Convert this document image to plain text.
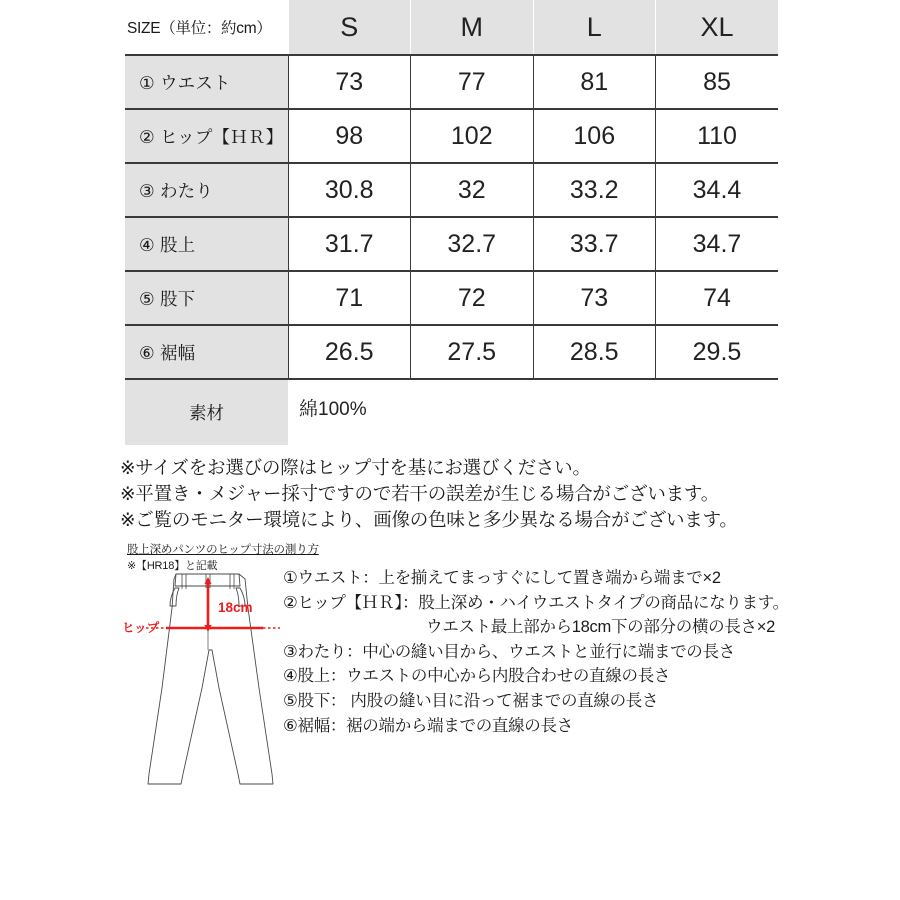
SIZE（単位：約cm）	S	M	L	XL
① ウエスト	73	77	81	85
② ヒップ【ＨＲ】	98	102	106	110
③ わたり	30.8	32	33.2	34.4
④ 股上	31.7	32.7	33.7	34.7
⑤ 股下	71	72	73	74
⑥ 裾幅	26.5	27.5	28.5	29.5
素材	綿100%			
※サイズをお選びの際はヒップ寸を基にお選びください。
※平置き・メジャー採寸ですので若干の誤差が生じる場合がございます。
※ご覧のモニター環境により、画像の色味と多少異なる場合がございます。
股上深めパンツのヒップ寸法の測り方
※【HR18】と記載
18cm
ヒップ
①ウエスト：上を揃えてまっすぐにして置き端から端まで×2
②ヒップ【ＨＲ】：股上深め・ハイウエストタイプの商品になります。
ウエスト最上部から18cm下の部分の横の長さ×2
③わたり：中心の縫い目から、ウエストと並行に端までの長さ
④股上：ウエストの中心から内股合わせの直線の長さ
⑤股下： 内股の縫い目に沿って裾までの直線の長さ
⑥裾幅：裾の端から端までの直線の長さ
